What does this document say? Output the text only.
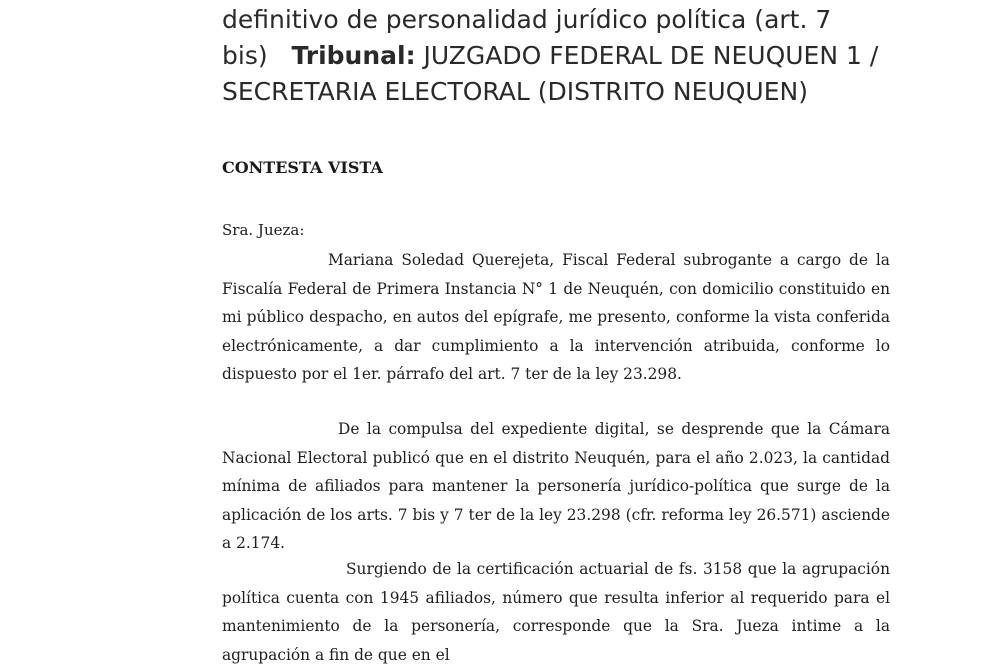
definitivo de personalidad jurídico política (art. 7
bis) Tribunal: JUZGADO FEDERAL DE NEUQUEN 1 / SECRETARIA ELECTORAL (DISTRITO NEUQUEN)
CONTESTA VISTA
Sra. Jueza:
Mariana Soledad Querejeta, Fiscal Federal subrogante a cargo de la Fiscalía Federal de Primera Instancia N° 1 de Neuquén, con domicilio constituido en mi público despacho, en autos del epígrafe, me presento, conforme la vista conferida electrónicamente, a dar cumplimiento a la intervención atribuida, conforme lo dispuesto por el 1er. párrafo del art. 7 ter de la ley 23.298.
De la compulsa del expediente digital, se desprende que la Cámara Nacional Electoral publicó que en el distrito Neuquén, para el año 2.023, la cantidad mínima de afiliados para mantener la personería jurídico-política que surge de la aplicación de los arts. 7 bis y 7 ter de la ley 23.298 (cfr. reforma ley 26.571) asciende a 2.174.
Surgiendo de la certificación actuarial de fs. 3158 que la agrupación política cuenta con 1945 afiliados, número que resulta inferior al requerido para el mantenimiento de la personería, corresponde que la Sra. Jueza intime a la agrupación a fin de que en el
